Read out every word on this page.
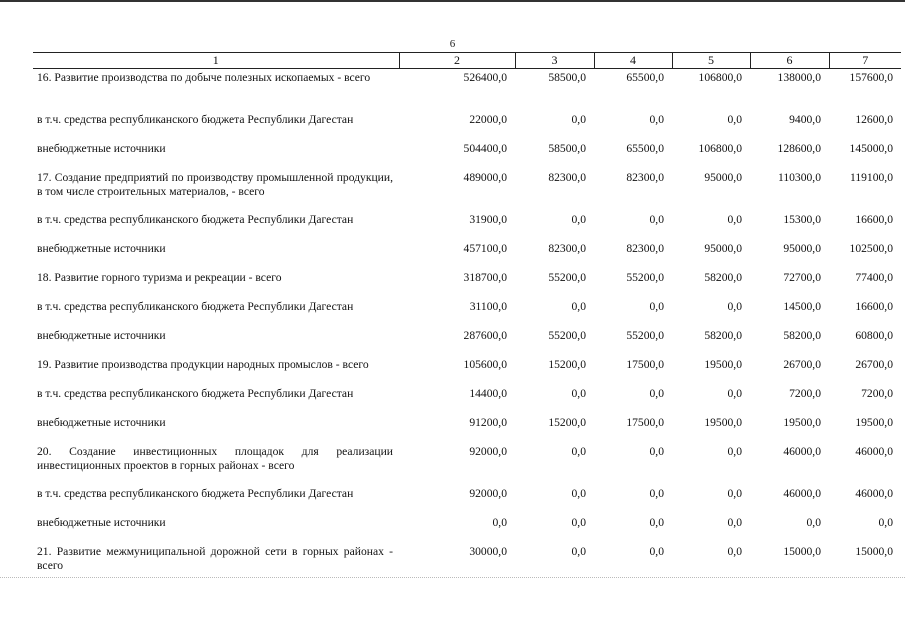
6
1	2	3	4	5	6	7
16. Развитие производства по добыче полезных ископаемых - всего	526400,0	58500,0	65500,0	106800,0	138000,0	157600,0
в т.ч. средства республиканского бюджета Республики Дагестан	22000,0	0,0	0,0	0,0	9400,0	12600,0
внебюджетные источники	504400,0	58500,0	65500,0	106800,0	128600,0	145000,0
17. Создание предприятий по производству промышленной продукции, в том числе строительных материалов, - всего	489000,0	82300,0	82300,0	95000,0	110300,0	119100,0
в т.ч. средства республиканского бюджета Республики Дагестан	31900,0	0,0	0,0	0,0	15300,0	16600,0
внебюджетные источники	457100,0	82300,0	82300,0	95000,0	95000,0	102500,0
18. Развитие горного туризма и рекреации - всего	318700,0	55200,0	55200,0	58200,0	72700,0	77400,0
в т.ч. средства республиканского бюджета Республики Дагестан	31100,0	0,0	0,0	0,0	14500,0	16600,0
внебюджетные источники	287600,0	55200,0	55200,0	58200,0	58200,0	60800,0
19. Развитие производства продукции народных промыслов - всего	105600,0	15200,0	17500,0	19500,0	26700,0	26700,0
в т.ч. средства республиканского бюджета Республики Дагестан	14400,0	0,0	0,0	0,0	7200,0	7200,0
внебюджетные источники	91200,0	15200,0	17500,0	19500,0	19500,0	19500,0
20. Создание инвестиционных площадок для реализации инвестиционных проектов в горных районах - всего	92000,0	0,0	0,0	0,0	46000,0	46000,0
в т.ч. средства республиканского бюджета Республики Дагестан	92000,0	0,0	0,0	0,0	46000,0	46000,0
внебюджетные источники	0,0	0,0	0,0	0,0	0,0	0,0
21. Развитие межмуниципальной дорожной сети в горных районах - всего	30000,0	0,0	0,0	0,0	15000,0	15000,0
